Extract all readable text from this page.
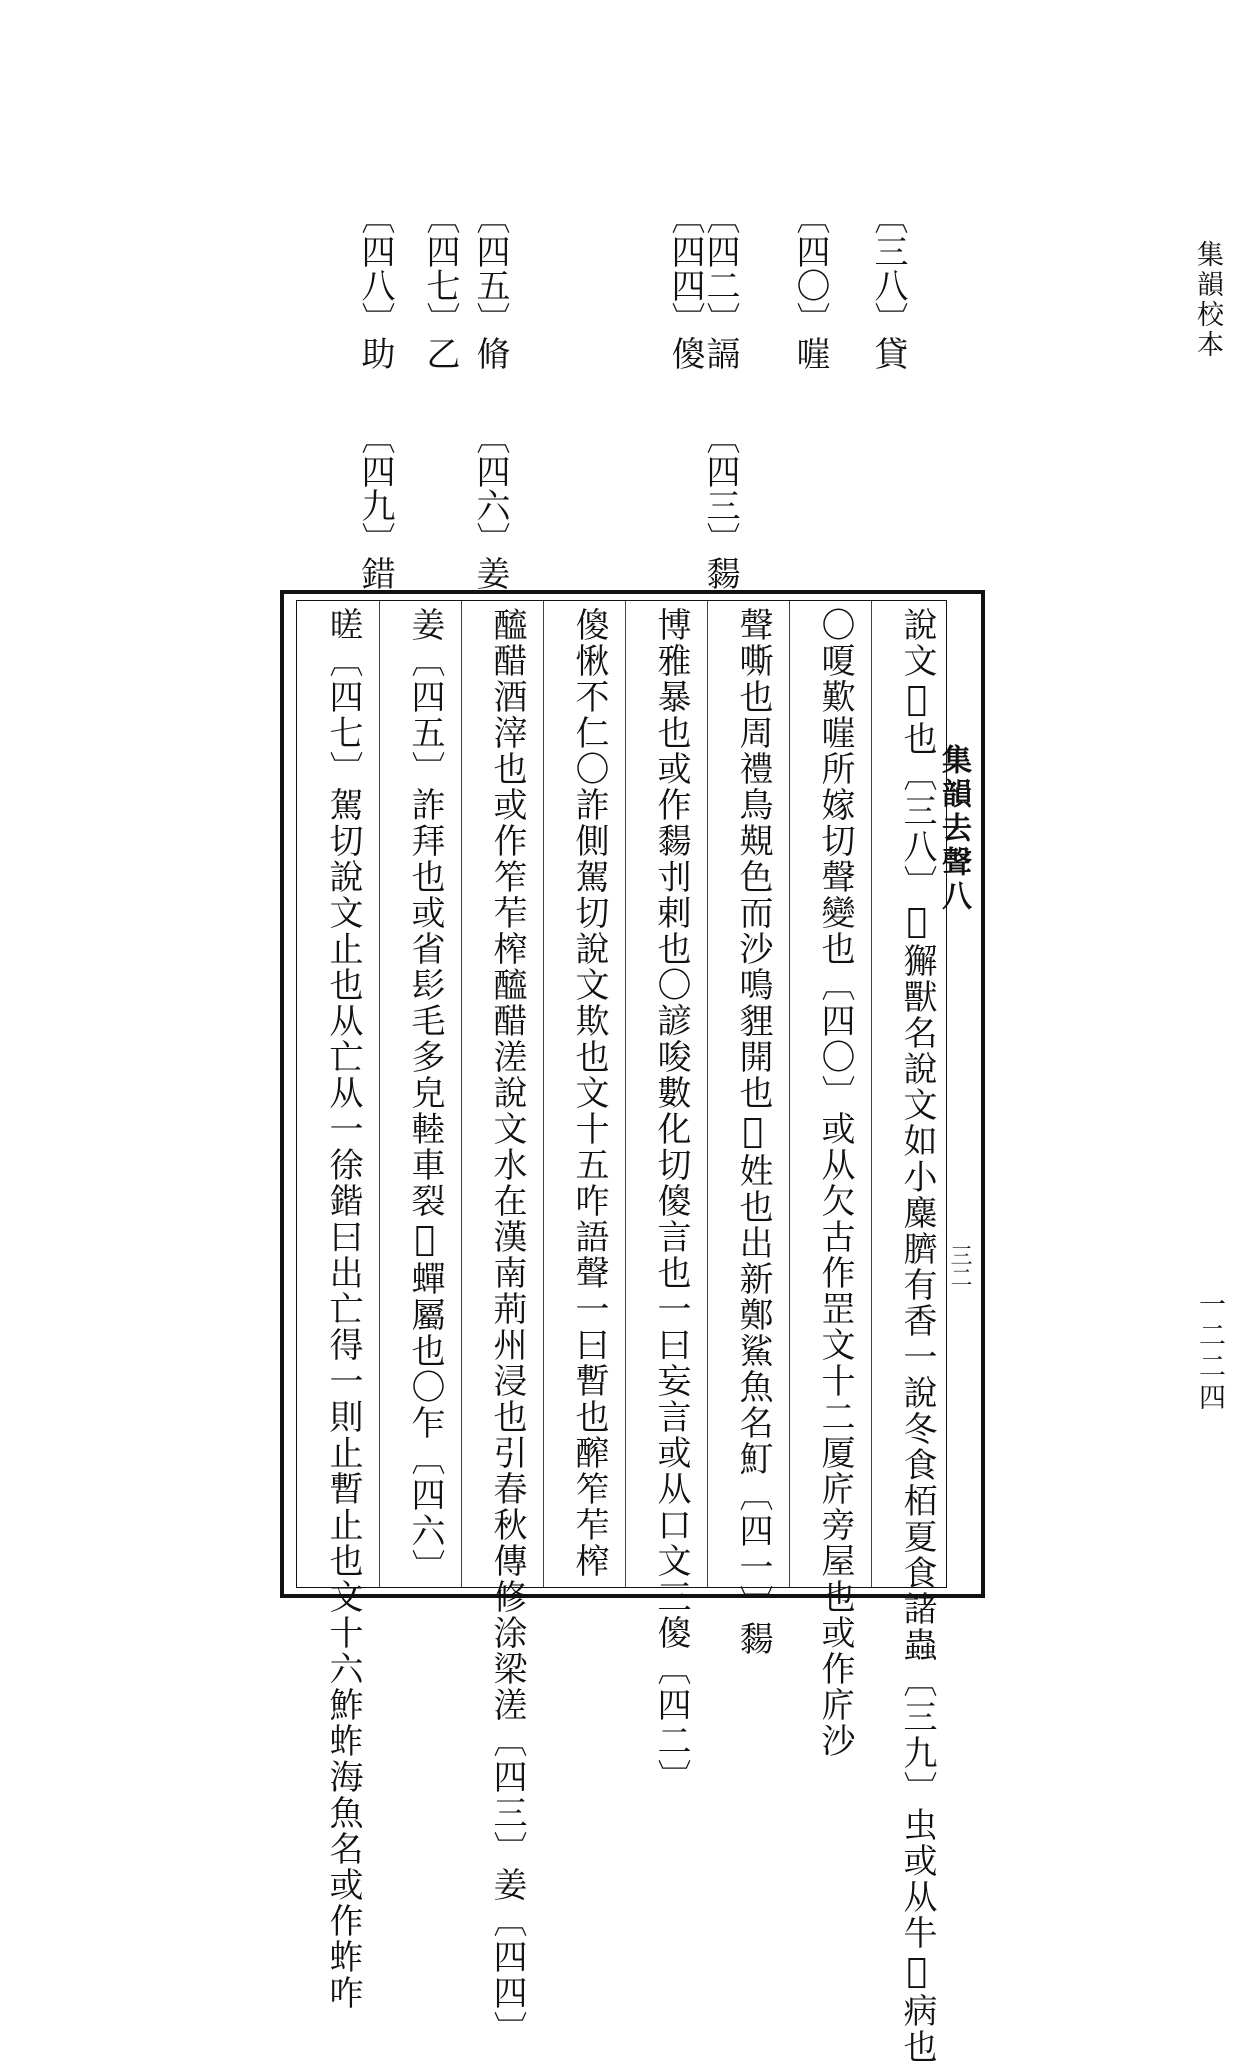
集韻校本
一二二四
〔三八〕貸
〔四〇〕嘊
〔四二〕䛿
〔四四〕傻
〔四三〕䵘
〔四五〕脩
〔四七〕乙
〔四八〕助
〔四六〕姜
〔四九〕錯
說文𧷝也〔三八〕𢊁獬獸名說文如小麋臍有香一說冬食栢夏食諸蟲〔三九〕虫或从牛𤸬病也
〇嗄歎嘊所嫁切聲變也〔四〇〕或从欠古作罡文十二厦庍旁屋也或作庍沙
聲嘶也周禮鳥䚆色而沙鳴貍開也𨳈姓也出新鄭鯊魚名䰳〔四一〕䵘
博雅暴也或作䵘刌剌也〇諺唆數化切傻言也一曰妄言或从口文三傻〔四二〕
傻愀不仁〇詐側駕切說文欺也文十五咋語聲一曰暫也醡笮苲榨
醯醋酒滓也或作笮苲榨醯醋溠說文水在漢南荊州浸也引春秋傳修涂梁溠〔四三〕姜〔四四〕
姜〔四五〕詐拜也或省髟毛多皃䡜車裂𧉖蟬屬也〇乍〔四六〕
暛〔四七〕駕切說文止也从亡从一徐鍇曰出亡得一則止暫止也文十六鮓蚱海魚名或作蚱咋	集韻去聲八
三二
